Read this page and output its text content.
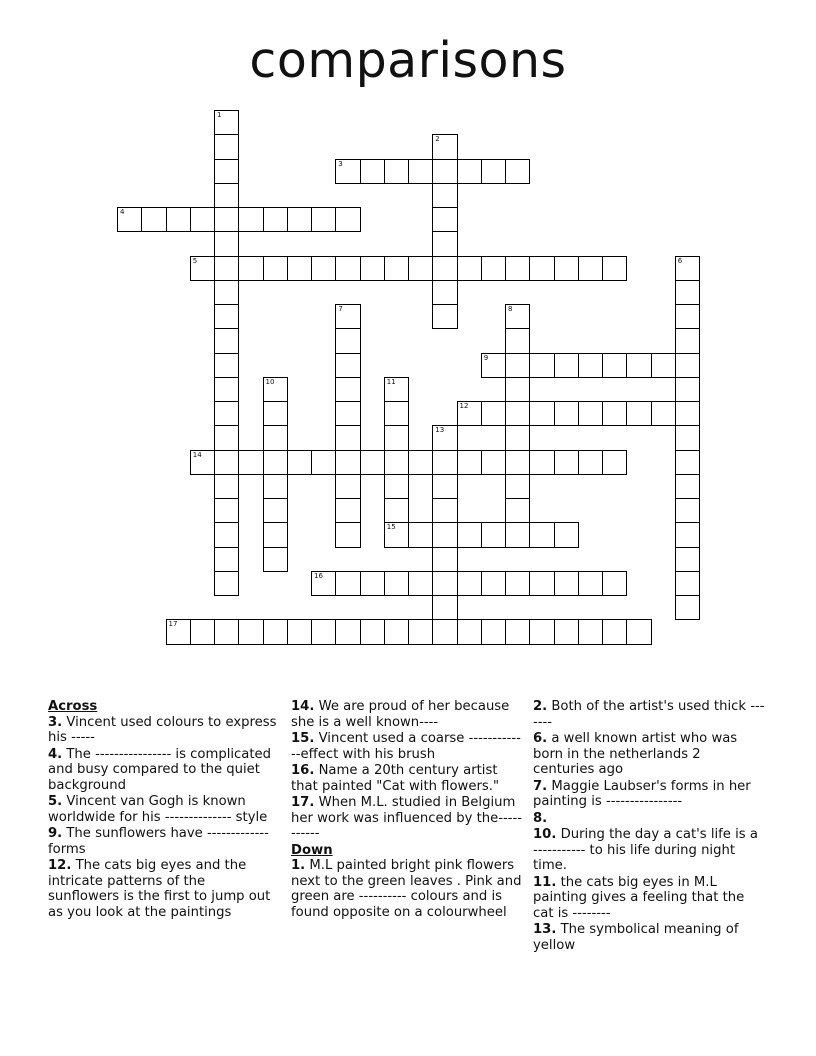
comparisons
1
2
3
4
5	6
7	8
9
10	11
12
13
14
15
16
17
Across
3. Vincent used colours to express his -----
4. The ---------------- is complicated and busy compared to the quiet background
5. Vincent van Gogh is known worldwide for his -------------- style
9. The sunflowers have -------------forms
12. The cats big eyes and the intricate patterns of the sunflowers is the first to jump out as you look at the paintings
14. We are proud of her because she is a well known----
15. Vincent used a coarse -------------effect with his brush
16. Name a 20th century artist that painted "Cat with flowers."
17. When M.L. studied in Belgium her work was influenced by the-----------
Down
1. M.L painted bright pink flowers next to the green leaves . Pink and green are ---------- colours and is found opposite on a colourwheel
2. Both of the artist's used thick -------
6. a well known artist who was born in the netherlands 2 centuries ago
7. Maggie Laubser's forms in her painting is ----------------
8.
10. During the day a cat's life is a ----------- to his life during night time.
11. the cats big eyes in M.L painting gives a feeling that the cat is --------
13. The symbolical meaning of yellow
